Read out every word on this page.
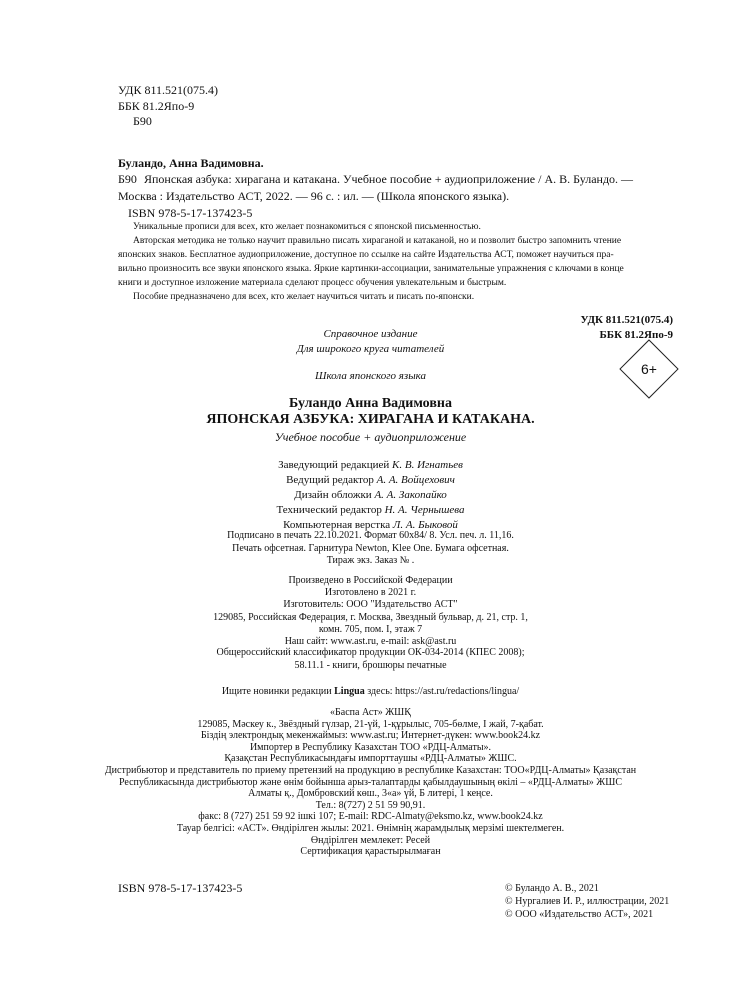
УДК 811.521(075.4)
ББК 81.2Япо-9
Б90
Буландо, Анна Вадимовна.
Б90 Японская азбука: хирагана и катакана. Учебное пособие + аудиоприложение / А. В. Буландо. —
Москва : Издательство АСТ, 2022. — 96 с. : ил. — (Школа японского языка).
ISBN 978-5-17-137423-5
Уникальные прописи для всех, кто желает познакомиться с японской письменностью.
Авторская методика не только научит правильно писать хираганой и катаканой, но и позволит быстро запомнить чтение
японских знаков. Бесплатное аудиоприложение, доступное по ссылке на сайте Издательства АСТ, поможет научиться пра-
вильно произносить все звуки японского языка. Яркие картинки-ассоциации, занимательные упражнения с ключами в конце
книги и доступное изложение материала сделают процесс обучения увлекательным и быстрым.
Пособие предназначено для всех, кто желает научиться читать и писать по-японски.
УДК 811.521(075.4)
ББК 81.2Япо-9
Справочное издание
Для широкого круга читателей
Школа японского языка	6+
Буландо Анна Вадимовна
ЯПОНСКАЯ АЗБУКА: ХИРАГАНА И КАТАКАНА.
Учебное пособие + аудиоприложение
Заведующий редакцией К. В. Игнатьев
Ведущий редактор А. А. Войцехович
Дизайн обложки А. А. Закопайко
Технический редактор Н. А. Чернышева
Компьютерная верстка Л. А. Быковой
Подписано в печать 22.10.2021. Формат 60x84/ 8. Усл. печ. л. 11,16.
Печать офсетная. Гарнитура Newton, Klee One. Бумага офсетная.
Тираж экз. Заказ № .
Произведено в Российской Федерации
Изготовлено в 2021 г.
Изготовитель: ООО "Издательство АСТ"
129085, Российская Федерация, г. Москва, Звездный бульвар, д. 21, стр. 1,
комн. 705, пом. I, этаж 7
Наш сайт: www.ast.ru, e-mail: ask@ast.ru
Общероссийский классификатор продукции ОК-034-2014 (КПЕС 2008);
58.11.1 - книги, брошюры печатные
Ищите новинки редакции Lingua здесь: https://ast.ru/redactions/lingua/
«Баспа Аст» ЖШҚ
129085, Мәскеу к., Звёздный гүлзар, 21-үй, 1-құрылыс, 705-бөлме, I жай, 7-қабат.
Біздің электрондық мекенжаймыз: www.ast.ru; Интернет-дүкен: www.book24.kz
Импортер в Республику Казахстан ТОО «РДЦ-Алматы».
Қазақстан Республикасындағы импорттаушы «РДЦ-Алматы» ЖШС.
Дистрибьютор и представитель по приему претензий на продукцию в республике Казахстан: ТОО«РДЦ-Алматы» Қазақстан
Республикасында дистрибьютор және өнім бойынша арыз-талаптарды қабылдаушының өкілі – «РДЦ-Алматы» ЖШС
Алматы қ., Домбровский көш., 3«а» үй, Б литері, 1 кеңсе.
Тел.: 8(727) 2 51 59 90,91.
факс: 8 (727) 251 59 92 ішкі 107; E-mail: RDC-Almaty@eksmo.kz, www.book24.kz
Тауар белгісі: «АСТ». Өндірілген жылы: 2021. Өнімнің жарамдылық мерзімі шектелмеген.
Өндірілген мемлекет: Ресей
Сертификация қарастырылмаған
ISBN 978-5-17-137423-5	© Буландо А. В., 2021
© Нургалиев И. Р., иллюстрации, 2021
© ООО «Издательство АСТ», 2021
